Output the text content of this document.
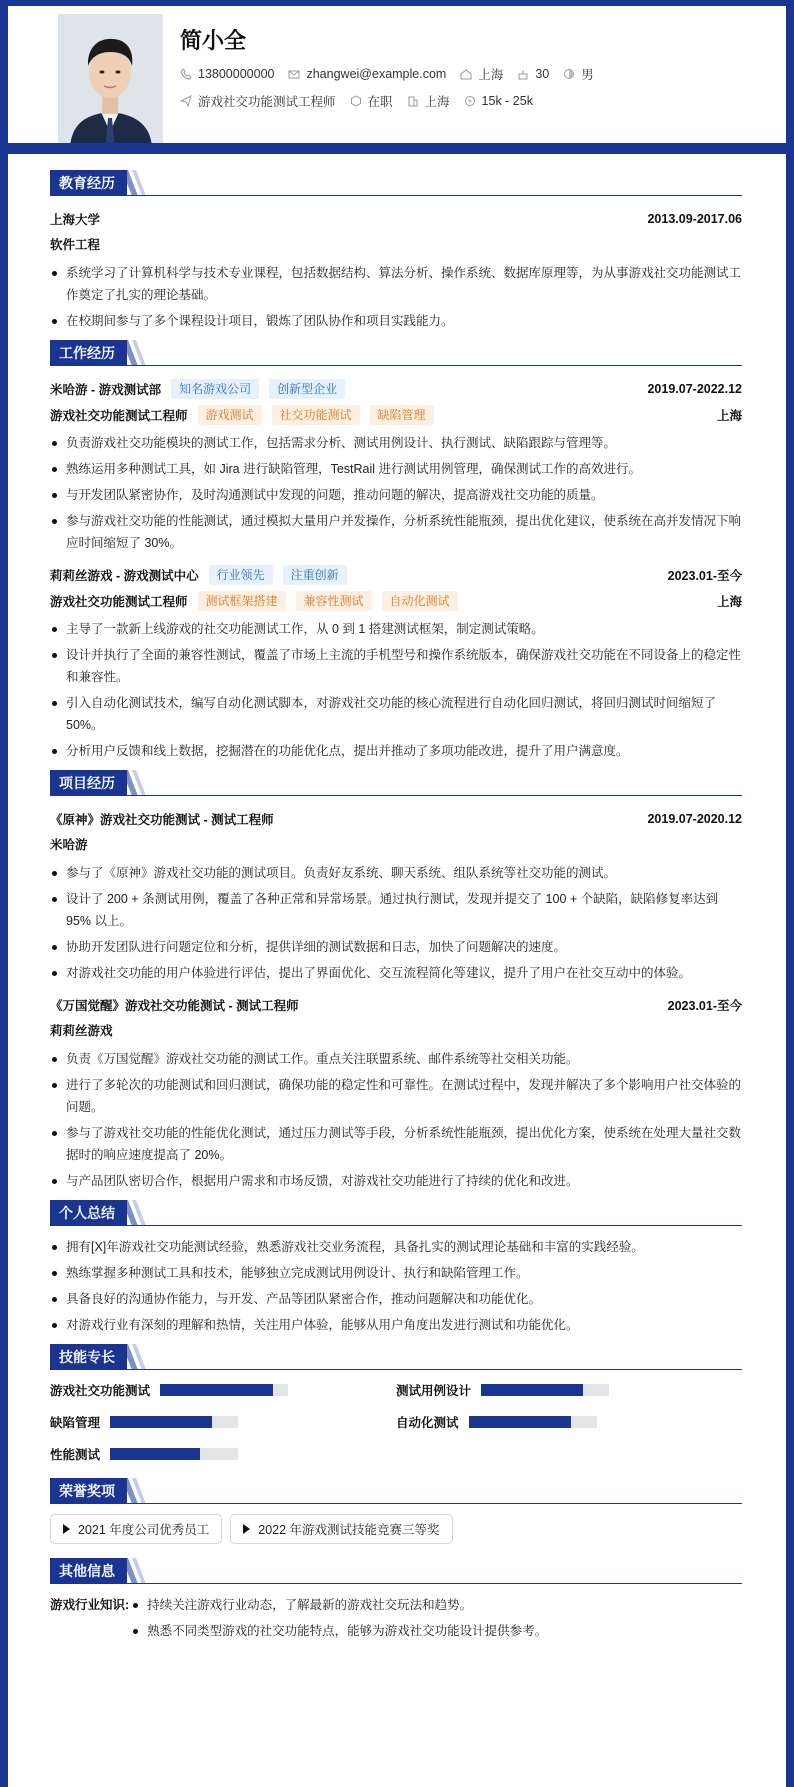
简小全
13800000000	zhangwei@example.com	上海	30	男
游戏社交功能测试工程师	在职	上海	15k - 25k
教育经历
上海大学	2013.09-2017.06
软件工程
系统学习了计算机科学与技术专业课程，包括数据结构、算法分析、操作系统、数据库原理等，为从事游戏社交功能测试工作奠定了扎实的理论基础。
在校期间参与了多个课程设计项目，锻炼了团队协作和项目实践能力。
工作经历
米哈游 - 游戏测试部	知名游戏公司	创新型企业	2019.07-2022.12
游戏社交功能测试工程师	游戏测试	社交功能测试	缺陷管理	上海
负责游戏社交功能模块的测试工作，包括需求分析、测试用例设计、执行测试、缺陷跟踪与管理等。
熟练运用多种测试工具，如 Jira 进行缺陷管理，TestRail 进行测试用例管理，确保测试工作的高效进行。
与开发团队紧密协作，及时沟通测试中发现的问题，推动问题的解决，提高游戏社交功能的质量。
参与游戏社交功能的性能测试，通过模拟大量用户并发操作，分析系统性能瓶颈，提出优化建议，使系统在高并发情况下响应时间缩短了 30%。
莉莉丝游戏 - 游戏测试中心	行业领先	注重创新	2023.01-至今
游戏社交功能测试工程师	测试框架搭建	兼容性测试	自动化测试	上海
主导了一款新上线游戏的社交功能测试工作，从 0 到 1 搭建测试框架，制定测试策略。
设计并执行了全面的兼容性测试，覆盖了市场上主流的手机型号和操作系统版本，确保游戏社交功能在不同设备上的稳定性和兼容性。
引入自动化测试技术，编写自动化测试脚本，对游戏社交功能的核心流程进行自动化回归测试，将回归测试时间缩短了 50%。
分析用户反馈和线上数据，挖掘潜在的功能优化点，提出并推动了多项功能改进，提升了用户满意度。
项目经历
《原神》游戏社交功能测试 - 测试工程师	2019.07-2020.12
米哈游
参与了《原神》游戏社交功能的测试项目。负责好友系统、聊天系统、组队系统等社交功能的测试。
设计了 200 + 条测试用例，覆盖了各种正常和异常场景。通过执行测试，发现并提交了 100 + 个缺陷，缺陷修复率达到 95% 以上。
协助开发团队进行问题定位和分析，提供详细的测试数据和日志，加快了问题解决的速度。
对游戏社交功能的用户体验进行评估，提出了界面优化、交互流程简化等建议，提升了用户在社交互动中的体验。
《万国觉醒》游戏社交功能测试 - 测试工程师	2023.01-至今
莉莉丝游戏
负责《万国觉醒》游戏社交功能的测试工作。重点关注联盟系统、邮件系统等社交相关功能。
进行了多轮次的功能测试和回归测试，确保功能的稳定性和可靠性。在测试过程中，发现并解决了多个影响用户社交体验的问题。
参与了游戏社交功能的性能优化测试，通过压力测试等手段，分析系统性能瓶颈，提出优化方案，使系统在处理大量社交数据时的响应速度提高了 20%。
与产品团队密切合作，根据用户需求和市场反馈，对游戏社交功能进行了持续的优化和改进。
个人总结
拥有[X]年游戏社交功能测试经验，熟悉游戏社交业务流程，具备扎实的测试理论基础和丰富的实践经验。
熟练掌握多种测试工具和技术，能够独立完成测试用例设计、执行和缺陷管理工作。
具备良好的沟通协作能力，与开发、产品等团队紧密合作，推动问题解决和功能优化。
对游戏行业有深刻的理解和热情，关注用户体验，能够从用户角度出发进行测试和功能优化。
技能专长
游戏社交功能测试	测试用例设计
缺陷管理	自动化测试
性能测试
荣誉奖项
2021 年度公司优秀员工	2022 年游戏测试技能竞赛三等奖
其他信息
游戏行业知识:	持续关注游戏行业动态，了解最新的游戏社交玩法和趋势。
熟悉不同类型游戏的社交功能特点，能够为游戏社交功能设计提供参考。
